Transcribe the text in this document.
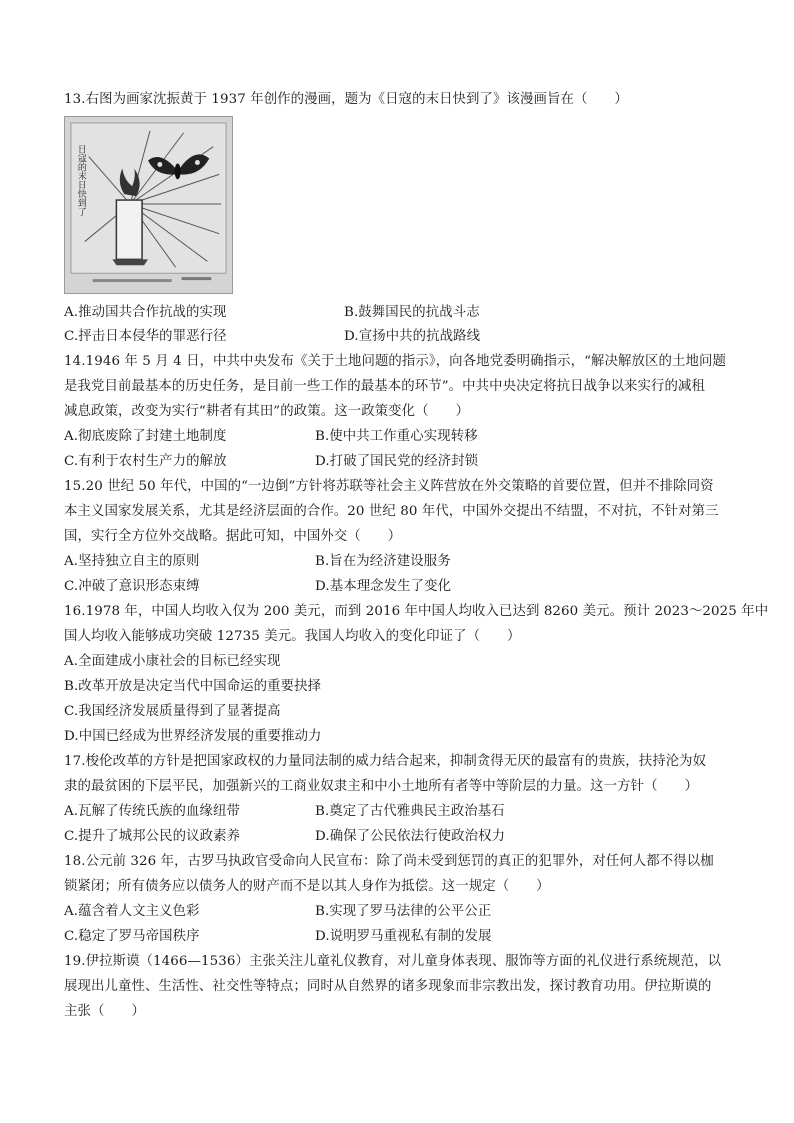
13.右图为画家沈振黄于 1937 年创作的漫画，题为《日寇的末日快到了》该漫画旨在（　　）
日寇的末日快到了
A.推动国共合作抗战的实现	B.鼓舞国民的抗战斗志
C.抨击日本侵华的罪恶行径	D.宣扬中共的抗战路线
14.1946 年 5 月 4 日，中共中央发布《关于土地问题的指示》，向各地党委明确指示，“解决解放区的土地问题
是我党目前最基本的历史任务，是目前一些工作的最基本的环节”。中共中央决定将抗日战争以来实行的减租
减息政策，改变为实行“耕者有其田”的政策。这一政策变化（　　）
A.彻底废除了封建土地制度	B.使中共工作重心实现转移
C.有利于农村生产力的解放	D.打破了国民党的经济封锁
15.20 世纪 50 年代，中国的“一边倒”方针将苏联等社会主义阵营放在外交策略的首要位置，但并不排除同资
本主义国家发展关系，尤其是经济层面的合作。20 世纪 80 年代，中国外交提出不结盟，不对抗，不针对第三
国，实行全方位外交战略。据此可知，中国外交（　　）
A.坚持独立自主的原则	B.旨在为经济建设服务
C.冲破了意识形态束缚	D.基本理念发生了变化
16.1978 年，中国人均收入仅为 200 美元，而到 2016 年中国人均收入已达到 8260 美元。预计 2023～2025 年中
国人均收入能够成功突破 12735 美元。我国人均收入的变化印证了（　　）
A.全面建成小康社会的目标已经实现
B.改革开放是决定当代中国命运的重要抉择
C.我国经济发展质量得到了显著提高
D.中国已经成为世界经济发展的重要推动力
17.梭伦改革的方针是把国家政权的力量同法制的威力结合起来，抑制贪得无厌的最富有的贵族，扶持沦为奴
隶的最贫困的下层平民，加强新兴的工商业奴隶主和中小土地所有者等中等阶层的力量。这一方针（　　）
A.瓦解了传统氏族的血缘纽带	B.奠定了古代雅典民主政治基石
C.提升了城邦公民的议政素养	D.确保了公民依法行使政治权力
18.公元前 326 年，古罗马执政官受命向人民宣布：除了尚未受到惩罚的真正的犯罪外，对任何人都不得以枷
锁紧闭；所有债务应以债务人的财产而不是以其人身作为抵偿。这一规定（　　）
A.蕴含着人文主义色彩	B.实现了罗马法律的公平公正
C.稳定了罗马帝国秩序	D.说明罗马重视私有制的发展
19.伊拉斯谟（1466—1536）主张关注儿童礼仪教育，对儿童身体表现、服饰等方面的礼仪进行系统规范，以
展现出儿童性、生活性、社交性等特点；同时从自然界的诸多现象而非宗教出发，探讨教育功用。伊拉斯谟的
主张（　　）
